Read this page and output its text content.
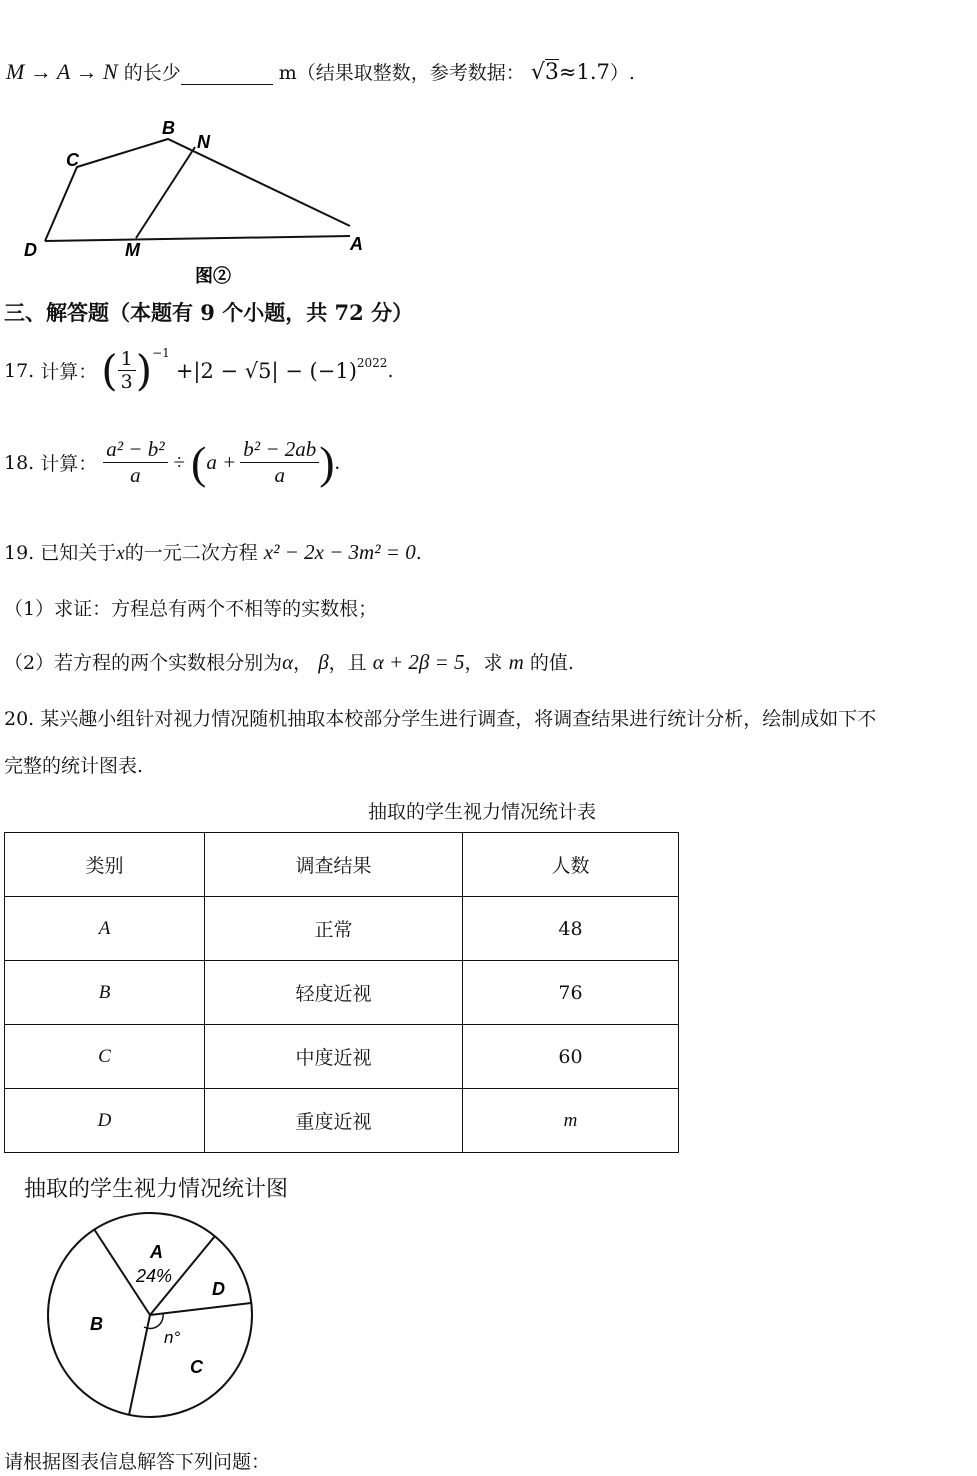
M → A → N 的长少	m（结果取整数，参考数据： √3≈1.7）.
B
N
C
D	M	A
图②
三、解答题（本题有 9 个小题，共 72 分）
17. 计算： ( $\frac{1}{3}$ ) −1
+|2 − √5| − (−1) 2022 .
18. 计算： $\frac{\text{a² − b²}}{a}$ ÷ ( $a + \frac{\text{b² − 2ab}}{a}$ ) .
19. 已知关于x的一元二次方程 x² − 2x − 3m² = 0.
（1）求证：方程总有两个不相等的实数根；
（2）若方程的两个实数根分别为α， β，且 α + 2β = 5，求 m 的值.
20. 某兴趣小组针对视力情况随机抽取本校部分学生进行调查，将调查结果进行统计分析，绘制成如下不
完整的统计图表.
抽取的学生视力情况统计表
类别	调查结果	人数
A	正常	48
B	轻度近视	76
C	中度近视	60
D	重度近视	m
抽取的学生视力情况统计图
A
24%
D
B
n°
C
请根据图表信息解答下列问题：
